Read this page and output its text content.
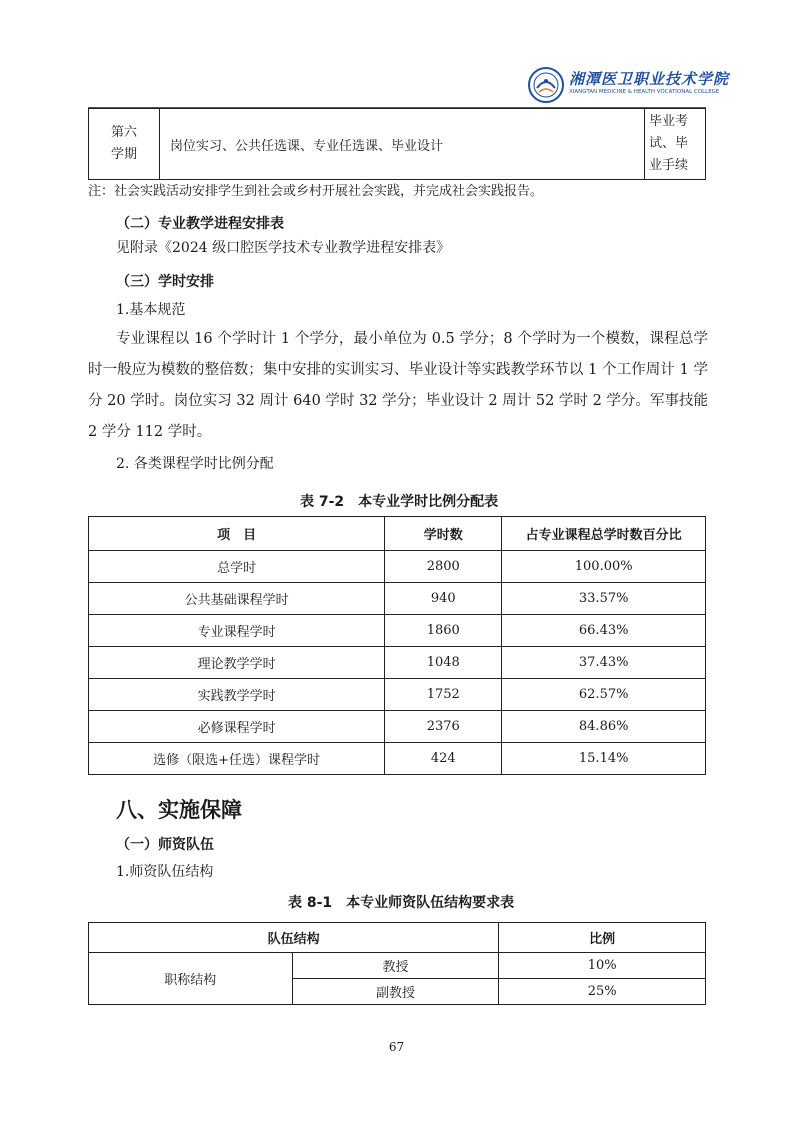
湘潭医卫职业技术学院
XIANGTAN MEDICINE & HEALTH VOCATIONAL COLLEGE
第六
学期
	岗位实习、公共任选课、专业任选课、毕业设计	
毕业考
试、毕
业手续
注：社会实践活动安排学生到社会或乡村开展社会实践，并完成社会实践报告。
（二）专业教学进程安排表
见附录《2024 级口腔医学技术专业教学进程安排表》
（三）学时安排
1.基本规范
专业课程以 16 个学时计 1 个学分，最小单位为 0.5 学分；8 个学时为一个模数，课程总学时一般应为模数的整倍数；集中安排的实训实习、毕业设计等实践教学环节以 1 个工作周计 1 学分 20 学时。岗位实习 32 周计 640 学时 32 学分；毕业设计 2 周计 52 学时 2 学分。军事技能 2 学分 112 学时。
2. 各类课程学时比例分配
表 7-2　本专业学时比例分配表
项　目	学时数	占专业课程总学时数百分比
总学时	2800	100.00%
公共基础课程学时	940	33.57%
专业课程学时	1860	66.43%
理论教学学时	1048	37.43%
实践教学学时	1752	62.57%
必修课程学时	2376	84.86%
选修（限选+任选）课程学时	424	15.14%
八、实施保障
（一）师资队伍
1.师资队伍结构
表 8-1　本专业师资队伍结构要求表
队伍结构		比例
职称结构	教授	10%
	副教授	25%
67
